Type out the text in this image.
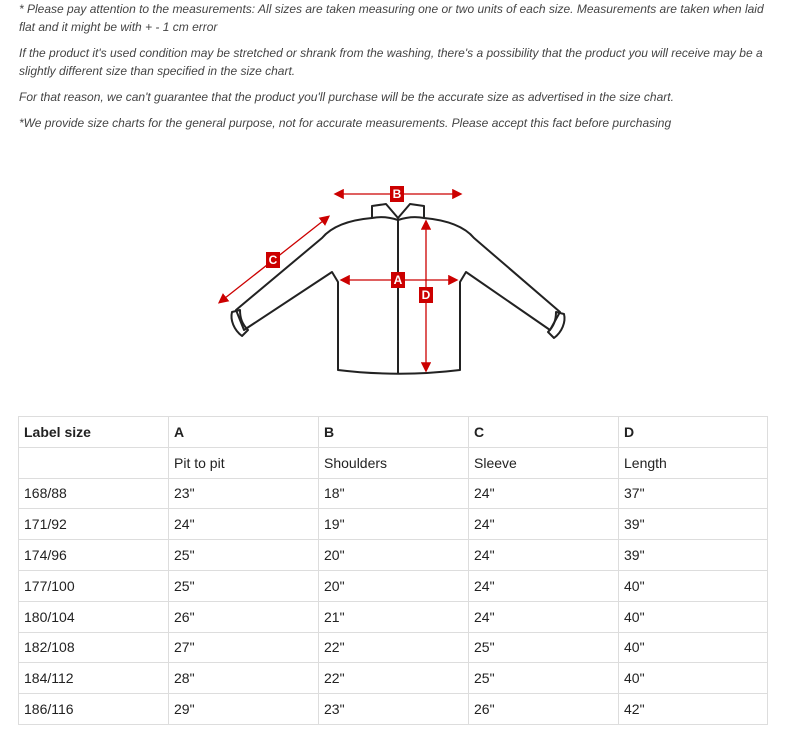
* Please pay attention to the measurements: All sizes are taken measuring one or two units of each size. Measurements are taken when laid flat and it might be with + - 1 cm error

If the product it's used condition may be stretched or shrank from the washing, there's a possibility that the product you will receive may be a slightly different size than specified in the size chart.

For that reason, we can't guarantee that the product you'll purchase will be the accurate size as advertised in the size chart.

*We provide size charts for the general purpose, not for accurate measurements. Please accept this fact before purchasing

B
A
C
D
Label size	A	B	C	D
	Pit to pit	Shoulders	Sleeve	Length
168/88	23"	18"	24"	37"
171/92	24"	19"	24"	39"
174/96	25"	20"	24"	39"
177/100	25"	20"	24"	40"
180/104	26"	21"	24"	40"
182/108	27"	22"	25"	40"
184/112	28"	22"	25"	40"
186/116	29"	23"	26"	42"
